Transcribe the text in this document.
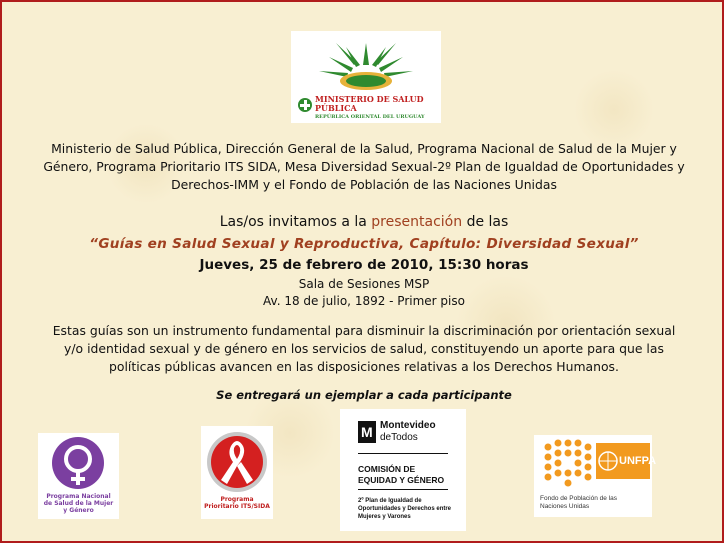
MINISTERIO DE SALUD PÚBLICA
REPÚBLICA ORIENTAL DEL URUGUAY
Ministerio de Salud Pública, Dirección General de la Salud, Programa Nacional de Salud de la Mujer y Género, Programa Prioritario ITS SIDA, Mesa Diversidad Sexual-2º Plan de Igualdad de Oportunidades y Derechos-IMM y el Fondo de Población de las Naciones Unidas
Las/os invitamos a la presentación de las
“Guías en Salud Sexual y Reproductiva, Capítulo: Diversidad Sexual”
Jueves, 25 de febrero de 2010, 15:30 horas
Sala de Sesiones MSP
Av. 18 de julio, 1892 - Primer piso
Estas guías son un instrumento fundamental para disminuir la discriminación por orientación sexual y/o identidad sexual y de género en los servicios de salud, constituyendo un aporte para que las políticas públicas avancen en las disposiciones relativas a los Derechos Humanos.
Se entregará un ejemplar a cada participante
Programa Nacional de Salud de la Mujer y Género
Programa Prioritario ITS/SIDA
M Montevideo
deTodos
COMISIÓN DE EQUIDAD Y GÉNERO
2º Plan de Igualdad de Oportunidades y Derechos entre Mujeres y Varones
UNFPA
Fondo de Población de las Naciones Unidas
